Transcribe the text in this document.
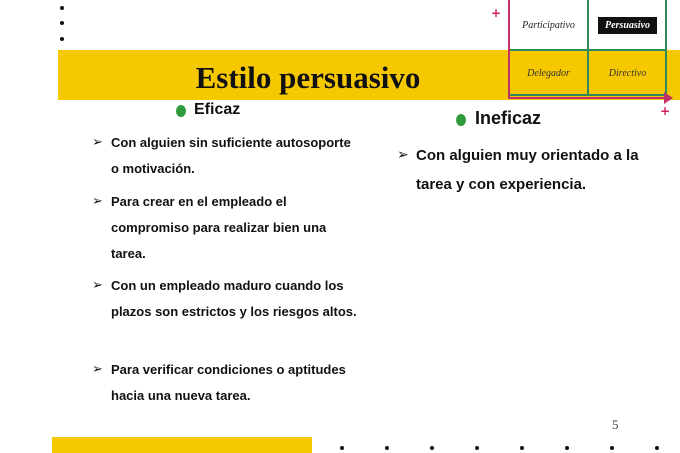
Estilo persuasivo
Participativo	Persuasivo
Delegador	Directivo
+
+
Eficaz
➢ Con alguien sin suficiente autosoporte o motivación.
➢ Para crear en el empleado el compromiso para realizar bien una tarea.
➢ Con un empleado maduro cuando los plazos son estrictos y los riesgos altos.
➢ Para verificar condiciones o aptitudes hacia una nueva tarea.
Ineficaz
➢ Con alguien muy orientado a la tarea y con experiencia.
5
